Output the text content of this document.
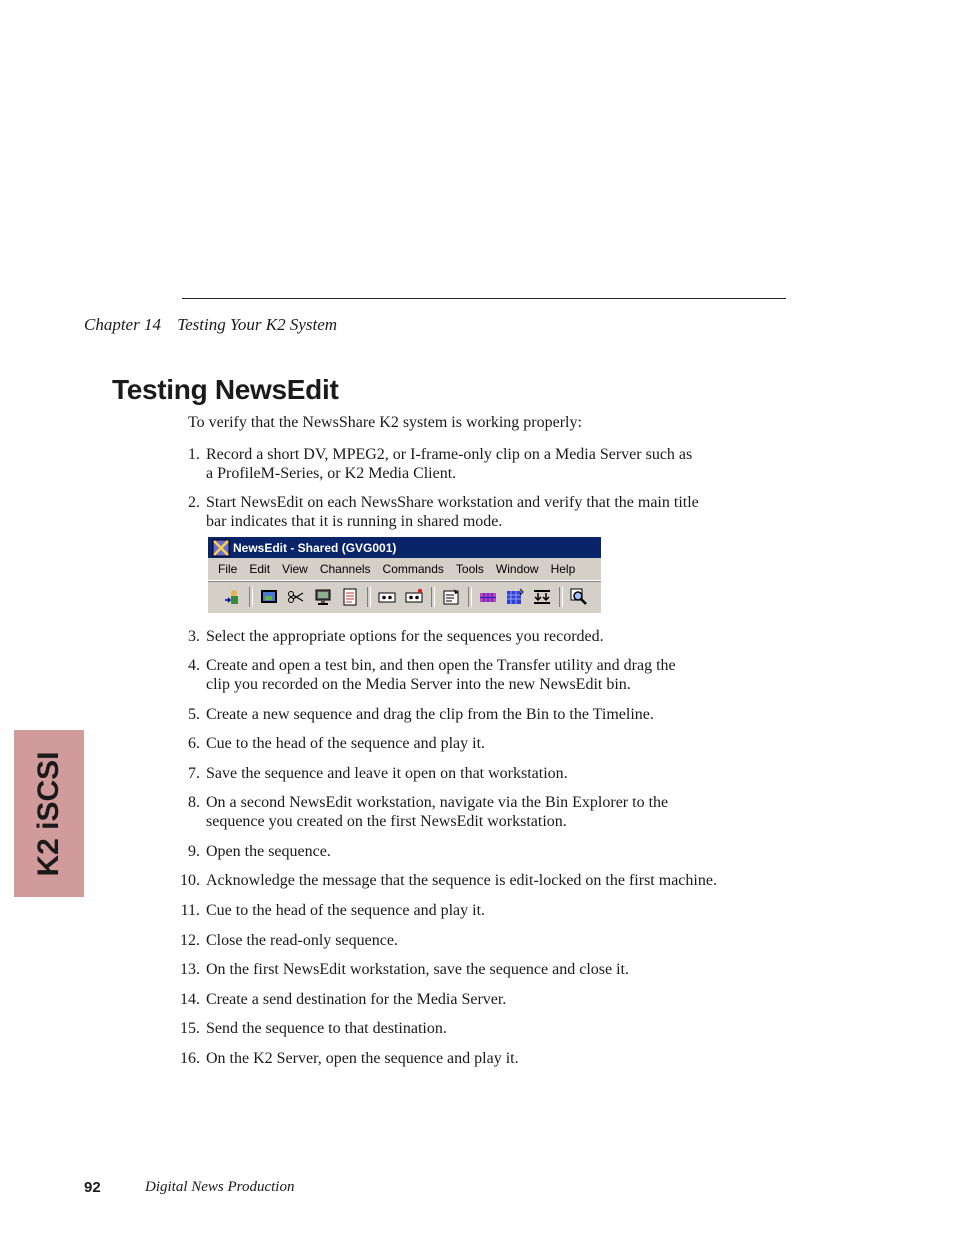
Chapter 14 Testing Your K2 System
Testing NewsEdit
To verify that the NewsShare K2 system is working properly:
1. Record a short DV, MPEG2, or I-frame-only clip on a Media Server such as
a ProfileM-Series, or K2 Media Client.
2. Start NewsEdit on each NewsShare workstation and verify that the main title
bar indicates that it is running in shared mode.
3. Select the appropriate options for the sequences you recorded.
4. Create and open a test bin, and then open the Transfer utility and drag the
clip you recorded on the Media Server into the new NewsEdit bin.
5. Create a new sequence and drag the clip from the Bin to the Timeline.
6. Cue to the head of the sequence and play it.
7. Save the sequence and leave it open on that workstation.
8. On a second NewsEdit workstation, navigate via the Bin Explorer to the
sequence you created on the first NewsEdit workstation.
9. Open the sequence.
10. Acknowledge the message that the sequence is edit-locked on the first machine.
11. Cue to the head of the sequence and play it.
12. Close the read-only sequence.
13. On the first NewsEdit workstation, save the sequence and close it.
14. Create a send destination for the Media Server.
15. Send the sequence to that destination.
16. On the K2 Server, open the sequence and play it.
NewsEdit - Shared (GVG001)
File	Edit	View	Channels	Commands	Tools	Window	Help
K2 iSCSI
92	Digital News Production
